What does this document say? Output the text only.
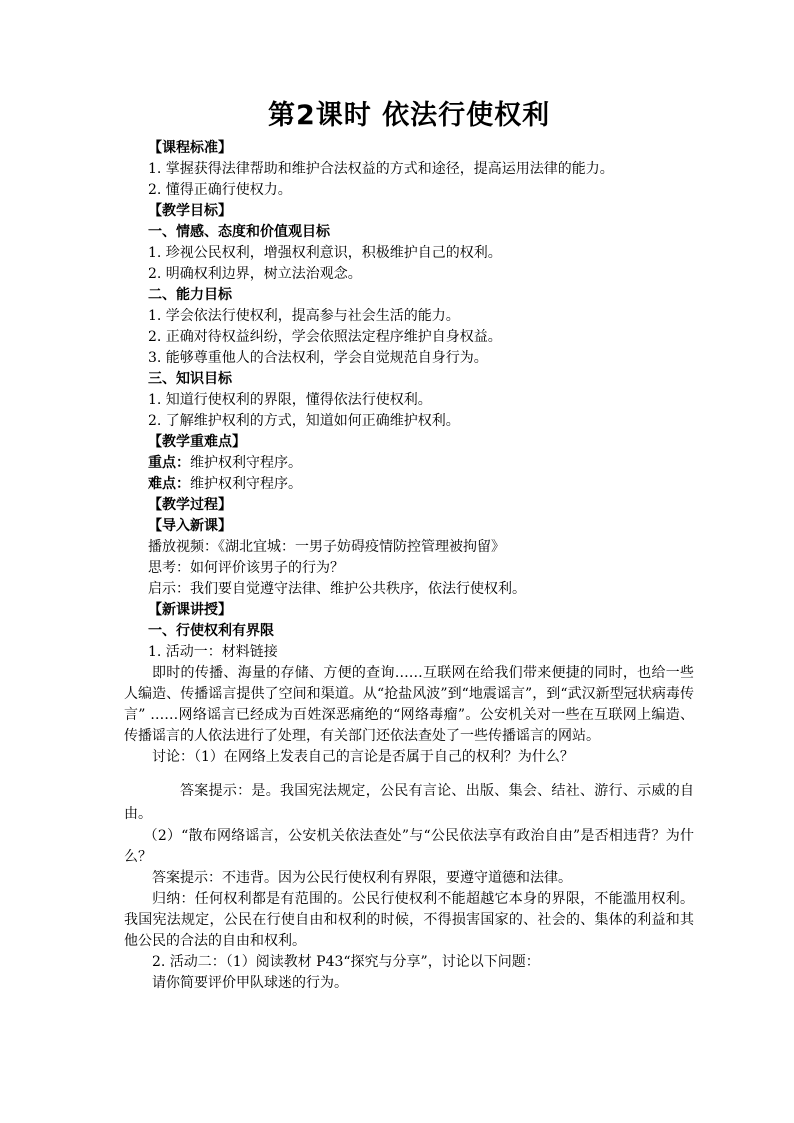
第2课时 依法行使权利
【课程标准】
1. 掌握获得法律帮助和维护合法权益的方式和途径，提高运用法律的能力。
2. 懂得正确行使权力。
【教学目标】
一、情感、态度和价值观目标
1. 珍视公民权利，增强权利意识，积极维护自己的权利。
2. 明确权利边界，树立法治观念。
二、能力目标
1. 学会依法行使权利，提高参与社会生活的能力。
2. 正确对待权益纠纷，学会依照法定程序维护自身权益。
3. 能够尊重他人的合法权利，学会自觉规范自身行为。
三、知识目标
1. 知道行使权利的界限，懂得依法行使权利。
2. 了解维护权利的方式，知道如何正确维护权利。
【教学重难点】
重点：维护权利守程序。
难点：维护权利守程序。
【教学过程】
【导入新课】
播放视频：《湖北宜城：一男子妨碍疫情防控管理被拘留》
思考：如何评价该男子的行为？
启示：我们要自觉遵守法律、维护公共秩序，依法行使权利。
【新课讲授】
一、行使权利有界限
1. 活动一：材料链接
即时的传播、海量的存储、方便的查询……互联网在给我们带来便捷的同时，也给一些人编造、传播谣言提供了空间和渠道。从“抢盐风波”到“地震谣言”，到“武汉新型冠状病毒传言” ……网络谣言已经成为百姓深恶痛绝的“网络毒瘤”。公安机关对一些在互联网上编造、传播谣言的人依法进行了处理，有关部门还依法查处了一些传播谣言的网站。
讨论：（1）在网络上发表自己的言论是否属于自己的权利？为什么？
答案提示：是。我国宪法规定，公民有言论、出版、集会、结社、游行、示威的自由。
（2）“散布网络谣言，公安机关依法查处”与“公民依法享有政治自由”是否相违背？为什么？
答案提示：不违背。因为公民行使权利有界限，要遵守道德和法律。
归纳：任何权利都是有范围的。公民行使权利不能超越它本身的界限，不能滥用权利。我国宪法规定，公民在行使自由和权利的时候，不得损害国家的、社会的、集体的利益和其他公民的合法的自由和权利。
2. 活动二：（1）阅读教材 P43“探究与分享”，讨论以下问题：
请你简要评价甲队球迷的行为。
